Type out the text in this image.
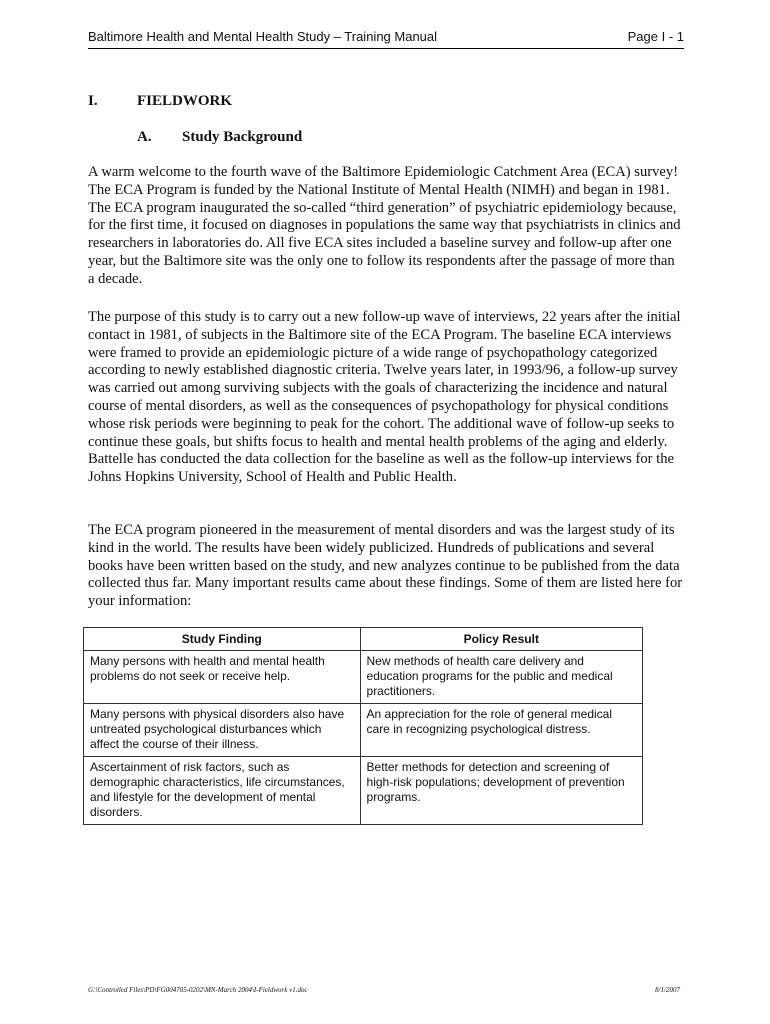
Baltimore Health and Mental Health Study – Training Manual	Page I - 1
I.	FIELDWORK
A. Study Background

A warm welcome to the fourth wave of the Baltimore Epidemiologic Catchment Area (ECA) survey! The ECA Program is funded by the National Institute of Mental Health (NIMH) and began in 1981. The ECA program inaugurated the so-called “third generation” of psychiatric epidemiology because, for the first time, it focused on diagnoses in populations the same way that psychiatrists in clinics and researchers in laboratories do. All five ECA sites included a baseline survey and follow-up after one year, but the Baltimore site was the only one to follow its respondents after the passage of more than a decade.

The purpose of this study is to carry out a new follow-up wave of interviews, 22 years after the initial contact in 1981, of subjects in the Baltimore site of the ECA Program. The baseline ECA interviews were framed to provide an epidemiologic picture of a wide range of psychopathology categorized according to newly established diagnostic criteria. Twelve years later, in 1993/96, a follow-up survey was carried out among surviving subjects with the goals of characterizing the incidence and natural course of mental disorders, as well as the consequences of psychopathology for physical conditions whose risk periods were beginning to peak for the cohort. The additional wave of follow-up seeks to continue these goals, but shifts focus to health and mental health problems of the aging and elderly. Battelle has conducted the data collection for the baseline as well as the follow-up interviews for the Johns Hopkins University, School of Health and Public Health.

The ECA program pioneered in the measurement of mental disorders and was the largest study of its kind in the world. The results have been widely publicized. Hundreds of publications and several books have been written based on the study, and new analyzes continue to be published from the data collected thus far. Many important results came about these findings. Some of them are listed here for your information:

Study Finding	Policy Result
Many persons with health and mental health problems do not seek or receive help.	New methods of health care delivery and education programs for the public and medical practitioners.
Many persons with physical disorders also have untreated psychological disturbances which affect the course of their illness.	An appreciation for the role of general medical care in recognizing psychological distress.
Ascertainment of risk factors, such as demographic characteristics, life circumstances, and lifestyle for the development of mental disorders.	Better methods for detection and screening of high-risk populations; development of prevention programs.
G:\Controlled Files\PD\FG004705-0202\MN-March 2004\I-Fieldwork v1.doc	8/1/2007
